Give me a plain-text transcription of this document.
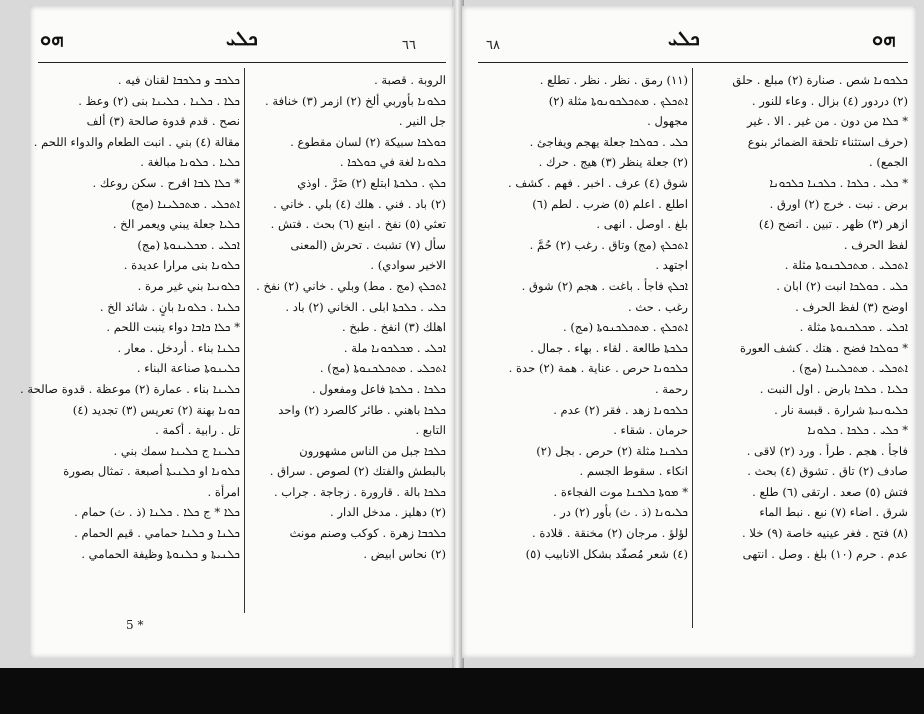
ܗܘ	ܟܠܝ	٦٦
الروبة . قصبة .
ܟܠܘܢܐ بأوربي ألخ (٢) ازمر (٣) خنافة .
جل النير .
ܟܘܠܟܐ سبيكة (٢) لسان مقطوع .
ܟܠܘܢܐ لغة في ܟܘܠܟܐ .
ܟܠܟ . ܟܠܟܬܐ ابتلع (٢) ضَرَّ . اوذي
(٢) باد . فني . هلك (٤) بلي . خاني .
تعثي (٥) نفخ . ابنع (٦) بحث . فتش .
سأل (٧) تشبث . تحرش (المعنى
الاخير سوادي) .
ܐܬܟܠܟ (مج . مط) وبلي . خاني (٢) نفخ .
ܟܠܝ . ܟܠܟܬܐ ابلى . الخاني (٢) باد .
اهلك (٣) انفخ . طبخ .
ܐܟܠܝ . ܡܟܠܟܘܢܐ ملة .
ܐܬܟܠܝ . ܡܬܟܠܟܢܘܬܐ (مج) .
ܟܠܟܐ . ܟܠܟܬܐ فاعل ومفعول .
ܟܠܟܐ باهني . طائر كالصرد (٢) واحد
التابع .
ܟܠܟܐ جبل من الناس مشهورون
بالبطش والفتك (٢) لصوص . سراق .
ܟܠܟܐ بالة . قارورة . زجاجة . جراب .
(٢) دهليز . مدخل الدار .
ܟܠܟܒܐ زهرة . كوكب وصنم مونث
(٢) نحاس ابيض .
ܟܠܟܒ و ܟܠܟܒܐ لقنان فيه .
ܟܠܐ . ܟܠܢܐ . ܟܠܝܢܐ بنى (٢) وعظ .
نصح . قدم قدوة صالحة (٣) ألف
مقالة (٤) بني . انبت الطعام والدواء اللحم .
ܟܠܝܐ . ܟܠܘܢܐ مبالغة .
* ܟܠܐ ܠܒܐ افرح . سكن روعك .
ܐܬܟܠܝ . ܡܬܟܠܝܢܐ (مج)
ܟܠܝܐ جعلة يبني ويعمر الخ .
ܐܟܠܝ . ܡܟܠܝܢܘܬܐ (مج)
ܟܠܘܢܐ بنى مرارا عديدة .
ܟܠܘܢܝܐ بني غير مرة .
ܟܠܢܐ . ܟܠܘܢܐ بانٍ . شائد الخ .
* ܟܠܐ ܟܐܒܐ دواء ينبت اللحم .
ܟܠܢܐ بناء . أردخل . معار .
ܟܠܝܢܘܬܐ صناعة البناء .
ܟܠܝܢܐ بناء . عمارة (٢) موعظة . قدوة صالحة .
ܟܘܢܐ بهنة (٢) تعريس (٣) تجديد (٤)
تل . رابية . أكمة .
ܟܠܝܢܐ ج ܟܠܝܢܐ سمك بني .
ܟܠܘܢܐ او ܟܠܢܝܬܐ أصبعة . تمثال بصورة
امرأة .
ܟܠܐ * ج ܟܠܐ . ܟܠܢܐ (ذ . ث) حمام .
ܟܠܢܐ و ܟܠܢܐ حمامي . قيم الحمام .
ܟܠܢܝܬܐ و ܟܠܢܘܬܐ وظيفة الحمامي .
5 *
٦٨	ܟܠܝ	ܗܘ
ܟܠܟܘܢܐ شص . صنارة (٢) مبلع . حلق
(٢) دردور (٤) بزال . وعاء للنور .
* ܟܠܐ من دون . من غير . الا . غير
(حرف استثناء تلحقة الضمائر بنوع
الجمع) .
* ܟܠܝ . ܟܠܟܐ . ܟܠܟܢܐ ܟܠܟܘܢܐ
برض . نبت . خرج (٢) اورق .
ازهر (٣) ظهر . تبين . اتضح (٤)
لفظ الحرف .
ܐܬܟܠܝ . ܡܬܟܠܟܢܘܬܐ مثلة .
ܟܠܝ . ܟܘܠܟܐ انبت (٢) ابان .
اوضح (٣) لفظ الحرف .
ܐܟܠܝ . ܡܟܠܟܢܘܬܐ مثلة .
* ܟܘܠܟܐ فضح . هتك . كشف العورة
ܐܬܟܠܝ . ܡܬܟܠܝܢܐ (مج) .
ܟܠܝܐ . ܟܠܟܐ بارض . اول النبت .
ܟܠܝܘܢܝܬܐ شرارة . قبسة نار .
* ܟܠܝ . ܟܠܟܐ . ܟܠܘܢܐ
فاجأ . هجم . طرأ . ورد (٢) لاقى .
صادف (٢) تاق . تشوق (٤) بحث .
فتش (٥) صعد . ارتقى (٦) طلع .
شرق . اضاء (٧) نبع . نبط الماء
(٨) فتح . فغر عينيه خاصة (٩) خلا .
عدم . حرم (١٠) بلغ . وصل . انتهى
(١١) رمق . نظر . نظر . تطلع .
ܐܬܟܠܟ . ܡܬܟܠܟܘܢܘܬܐ مثلة (٢)
مجهول .
ܟܠܝ . ܟܘܠܟܐ جعلة يهجم ويفاجئ .
(٢) جعلة ينظر (٣) هيج . حرك .
شوق (٤) عرف . اخبر . فهم . كشف .
اطلع . اعلم (٥) ضرب . لطم (٦)
بلغ . اوصل . انهى .
ܐܬܟܠܟ (مج) وتاق . رغب (٢) حُمَّ .
اجتهد .
ܐܟܠܟ فاجأ . باغت . هجم (٢) شوق .
رغب . حث .
ܐܬܟܠܟ . ܡܬܟܠܟܢܘܬܐ (مج) .
ܟܠܟܬܐ طالعة . لقاء . بهاء . جمال .
ܟܠܟܘܢܐ حرص . عناية . همة (٢) حدة .
رحمة .
ܟܠܟܘܢܐ زهد . فقر (٢) عدم .
حرمان . شقاء .
ܟܠܟܢܐ مثلة (٢) حرص . بجل (٢)
انكاء . سقوط الجسم .
* ܡܘܬܐ ܟܠܟܢܐ موت الفجاءة .
ܟܠܝܘܢܐ (ذ . ث) بأور (٢) در .
لؤلؤ . مرجان (٢) مخنقة . قلادة .
(٤) شعر مُصفّد بشكل الانابيب (٥)
